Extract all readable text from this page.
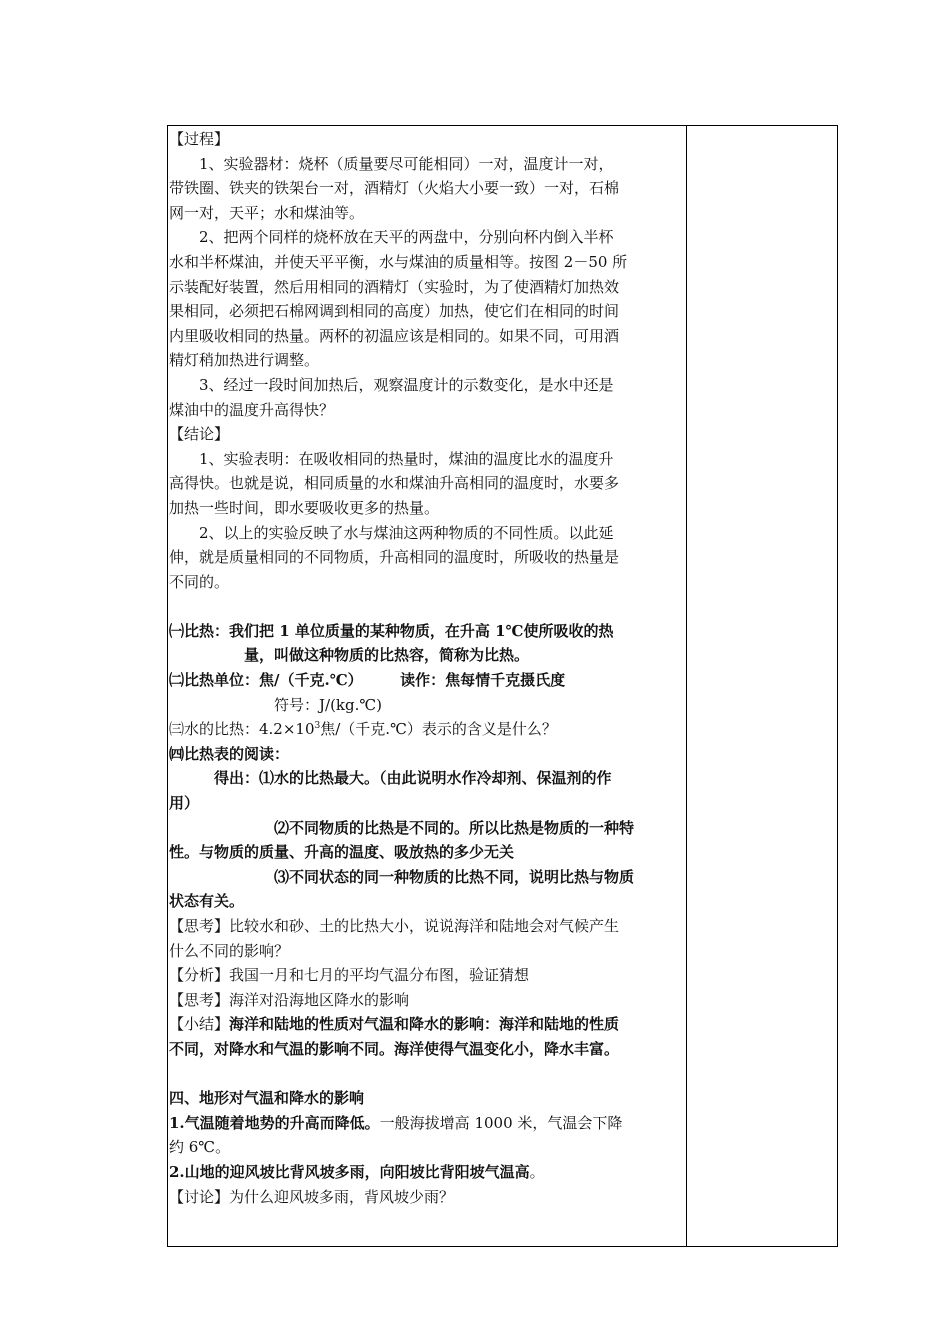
【过程】
　　1、实验器材：烧杯（质量要尽可能相同）一对，温度计一对，
带铁圈、铁夹的铁架台一对，酒精灯（火焰大小要一致）一对，石棉
网一对，天平；水和煤油等。
　　2、把两个同样的烧杯放在天平的两盘中，分别向杯内倒入半杯
水和半杯煤油，并使天平平衡，水与煤油的质量相等。按图 2－50 所
示装配好装置，然后用相同的酒精灯（实验时，为了使酒精灯加热效
果相同，必须把石棉网调到相同的高度）加热，使它们在相同的时间
内里吸收相同的热量。两杯的初温应该是相同的。如果不同，可用酒
精灯稍加热进行调整。
　　3、经过一段时间加热后，观察温度计的示数变化，是水中还是
煤油中的温度升高得快？
【结论】
　　1、实验表明：在吸收相同的热量时，煤油的温度比水的温度升
高得快。也就是说，相同质量的水和煤油升高相同的温度时，水要多
加热一些时间，即水要吸收更多的热量。
　　2、以上的实验反映了水与煤油这两种物质的不同性质。以此延
伸，就是质量相同的不同物质，升高相同的温度时，所吸收的热量是
不同的。
㈠比热：我们把 1 单位质量的某种物质，在升高 1℃使所吸收的热
　　　　　量，叫做这种物质的比热容，简称为比热。
㈡比热单位：焦/（千克.℃）　　　读作：焦每情千克摄氏度
　　　　　　　符号：J/(kg.℃)
㈢水的比热：$4.2\times 10^3$焦/（千克.℃）表示的含义是什么？
㈣比热表的阅读：
　　　得出：⑴水的比热最大。（由此说明水作冷却剂、保温剂的作
用）
　　　　　　　⑵不同物质的比热是不同的。所以比热是物质的一种特
性。与物质的质量、升高的温度、吸放热的多少无关
　　　　　　　⑶不同状态的同一种物质的比热不同，说明比热与物质
状态有关。
【思考】比较水和砂、土的比热大小，说说海洋和陆地会对气候产生
什么不同的影响？
【分析】我国一月和七月的平均气温分布图，验证猜想
【思考】海洋对沿海地区降水的影响
【小结】海洋和陆地的性质对气温和降水的影响：海洋和陆地的性质
不同，对降水和气温的影响不同。海洋使得气温变化小，降水丰富。
四、地形对气温和降水的影响
1.气温随着地势的升高而降低。一般海拔增高 1000 米，气温会下降
约 6℃。
2.山地的迎风坡比背风坡多雨，向阳坡比背阳坡气温高。
【讨论】为什么迎风坡多雨，背风坡少雨？
